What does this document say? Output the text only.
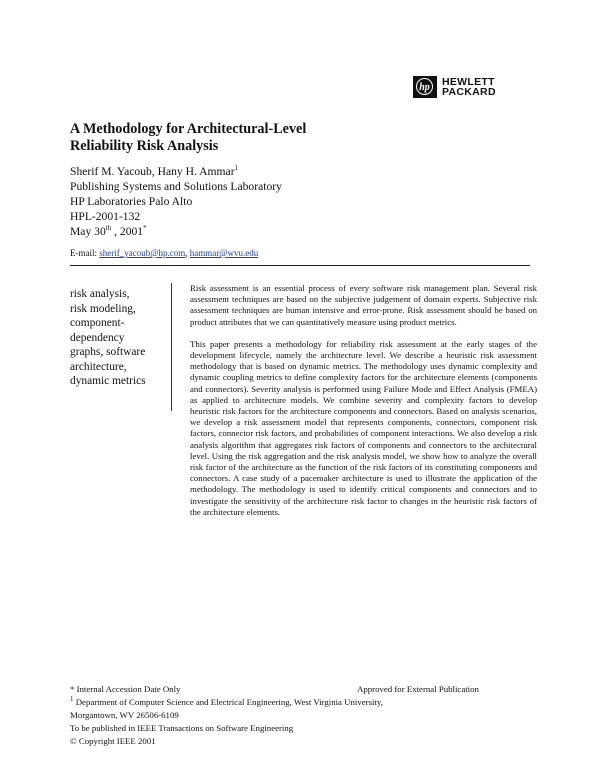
hp	HEWLETT
PACKARD
A Methodology for Architectural-Level
Reliability Risk Analysis
Sherif M. Yacoub, Hany H. Ammar$^1$
Publishing Systems and Solutions Laboratory
HP Laboratories Palo Alto
HPL-2001-132
May 30th , 2001*
E-mail: sherif_yacoub@hp.com, hammar@wvu.edu
risk analysis,
risk modeling,
component-
dependency
graphs, software
architecture,
dynamic metrics

Risk assessment is an essential process of every software risk management plan. Several risk assessment techniques are based on the subjective judgement of domain experts. Subjective risk assessment techniques are human intensive and error-prone. Risk assessment should be based on product attributes that we can quantitatively measure using product metrics.

This paper presents a methodology for reliability risk assessment at the early stages of the development lifecycle, namely the architecture level. We describe a heuristic risk assessment methodology that is based on dynamic metrics. The methodology uses dynamic complexity and dynamic coupling metrics to define complexity factors for the architecture elements (components and connectors). Severity analysis is performed using Failure Mode and Effect Analysis (FMEA) as applied to architecture models. We combine severity and complexity factors to develop heuristic risk factors for the architecture components and connectors. Based on analysis scenarios, we develop a risk assessment model that represents components, connectors, component risk factors, connector risk factors, and probabilities of component interactions. We also develop a risk analysis algorithm that aggregates risk factors of components and connectors to the architectural level. Using the risk aggregation and the risk analysis model, we show how to analyze the overall risk factor of the architecture as the function of the risk factors of its constituting components and connectors. A case study of a pacemaker architecture is used to illustrate the application of the methodology. The methodology is used to identify critical components and connectors and to investigate the sensitivity of the architecture risk factor to changes in the heuristic risk factors of the architecture elements.

* Internal Accession Date Only	Approved for External Publication
$^1$ Department of Computer Science and Electrical Engineering, West Virginia University,
Morgantown, WV 26506-6109
To be published in IEEE Transactions on Software Engineering
© Copyright IEEE 2001
